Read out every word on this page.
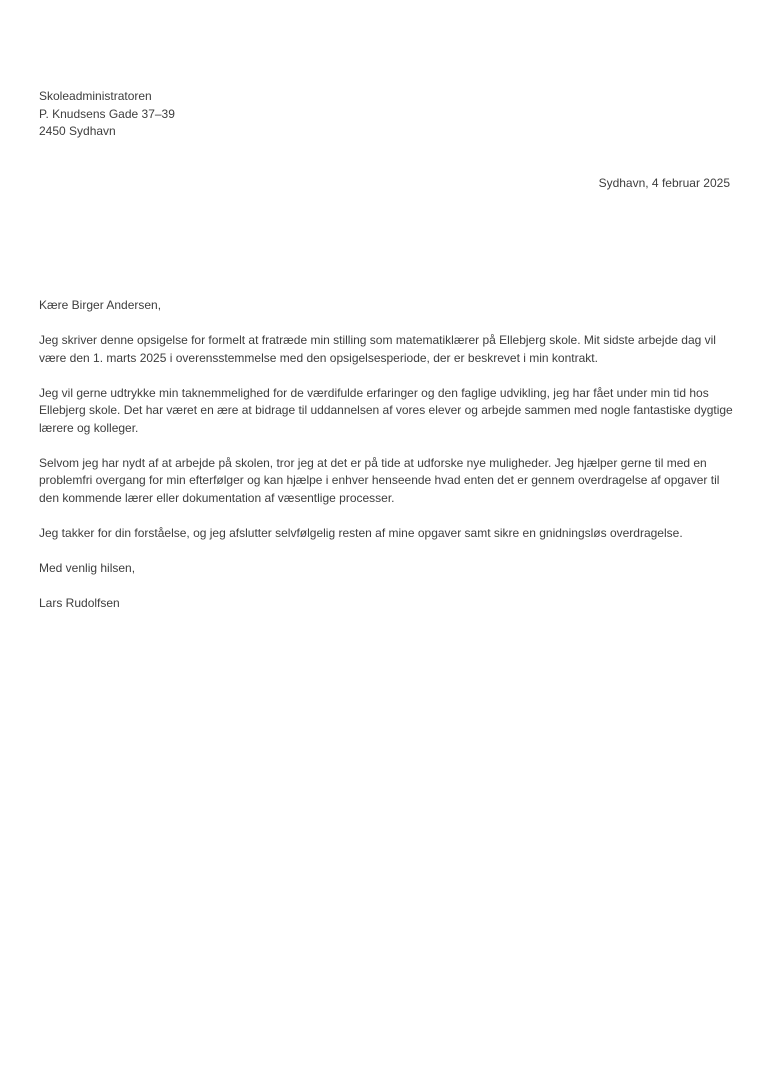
Skoleadministratoren
P. Knudsens Gade 37–39
2450 Sydhavn
Sydhavn, 4 februar 2025

Kære Birger Andersen,

Jeg skriver denne opsigelse for formelt at fratræde min stilling som matematiklærer på Ellebjerg skole. Mit sidste arbejde dag vil være den 1. marts 2025 i overensstemmelse med den opsigelsesperiode, der er beskrevet i min kontrakt.

Jeg vil gerne udtrykke min taknemmelighed for de værdifulde erfaringer og den faglige udvikling, jeg har fået under min tid hos Ellebjerg skole. Det har været en ære at bidrage til uddannelsen af vores elever og arbejde sammen med nogle fantastiske dygtige lærere og kolleger.

Selvom jeg har nydt af at arbejde på skolen, tror jeg at det er på tide at udforske nye muligheder. Jeg hjælper gerne til med en problemfri overgang for min efterfølger og kan hjælpe i enhver henseende hvad enten det er gennem overdragelse af opgaver til den kommende lærer eller dokumentation af væsentlige processer.

Jeg takker for din forståelse, og jeg afslutter selvfølgelig resten af mine opgaver samt sikre en gnidningsløs overdragelse.

Med venlig hilsen,

Lars Rudolfsen
